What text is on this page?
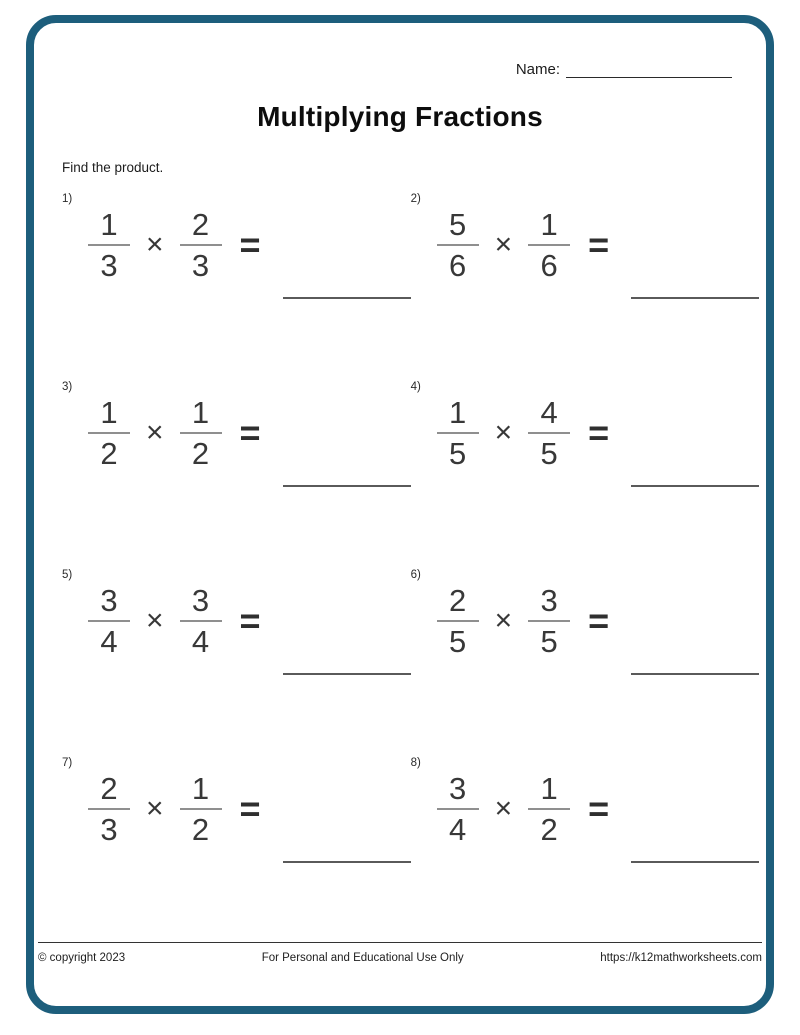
Name:
Multiplying Fractions
Find the product.
1)
$\frac{1}{3} \times \frac{2}{3}$ =
2)
$\frac{5}{6} \times \frac{1}{6}$ =
3)
$\frac{1}{2} \times \frac{1}{2}$ =
4)
$\frac{1}{5} \times \frac{4}{5}$ =
5)
$\frac{3}{4} \times \frac{3}{4}$ =
6)
$\frac{2}{5} \times \frac{3}{5}$ =
7)
$\frac{2}{3} \times \frac{1}{2}$ =
8)
$\frac{3}{4} \times \frac{1}{2}$ =
© copyright 2023	For Personal and Educational Use Only	https://k12mathworksheets.com
